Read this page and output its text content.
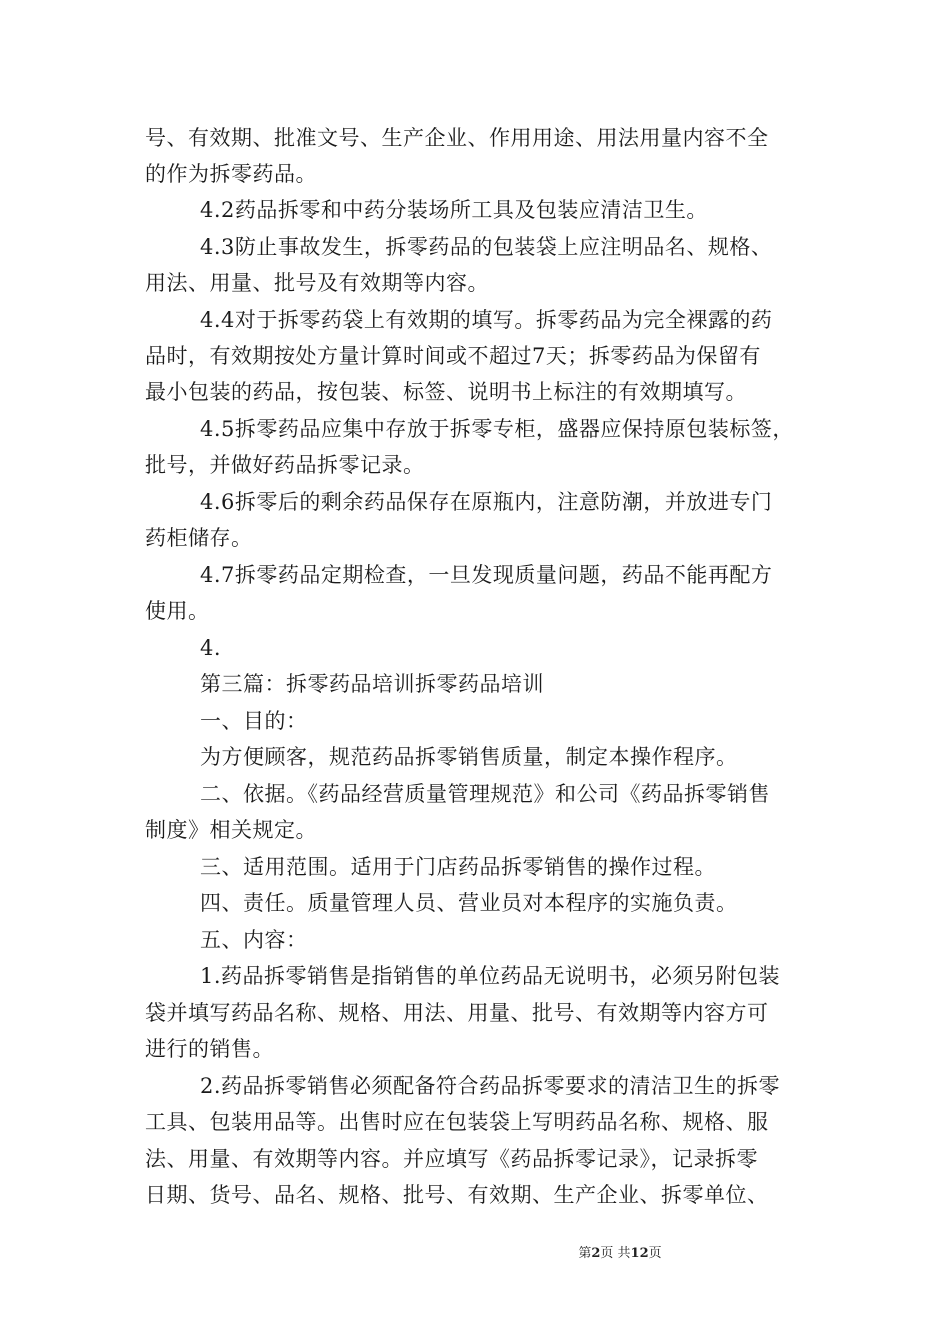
号、有效期、批准文号、生产企业、作用用途、用法用量内容不全
的作为拆零药品。
4.2药品拆零和中药分装场所工具及包装应清洁卫生。
4.3防止事故发生，拆零药品的包装袋上应注明品名、规格、
用法、用量、批号及有效期等内容。
4.4对于拆零药袋上有效期的填写。拆零药品为完全裸露的药
品时，有效期按处方量计算时间或不超过7天；拆零药品为保留有
最小包装的药品，按包装、标签、说明书上标注的有效期填写。
4.5拆零药品应集中存放于拆零专柜，盛器应保持原包装标签，
批号，并做好药品拆零记录。
4.6拆零后的剩余药品保存在原瓶内，注意防潮，并放进专门
药柜储存。
4.7拆零药品定期检查，一旦发现质量问题，药品不能再配方
使用。
4.
第三篇：拆零药品培训拆零药品培训
一、目的：
为方便顾客，规范药品拆零销售质量，制定本操作程序。
二、依据。《药品经营质量管理规范》和公司《药品拆零销售
制度》相关规定。
三、适用范围。适用于门店药品拆零销售的操作过程。
四、责任。质量管理人员、营业员对本程序的实施负责。
五、内容：
1.药品拆零销售是指销售的单位药品无说明书，必须另附包装
袋并填写药品名称、规格、用法、用量、批号、有效期等内容方可
进行的销售。
2.药品拆零销售必须配备符合药品拆零要求的清洁卫生的拆零
工具、包装用品等。出售时应在包装袋上写明药品名称、规格、服
法、用量、有效期等内容。并应填写《药品拆零记录》，记录拆零
日期、货号、品名、规格、批号、有效期、生产企业、拆零单位、
第2页 共12页
